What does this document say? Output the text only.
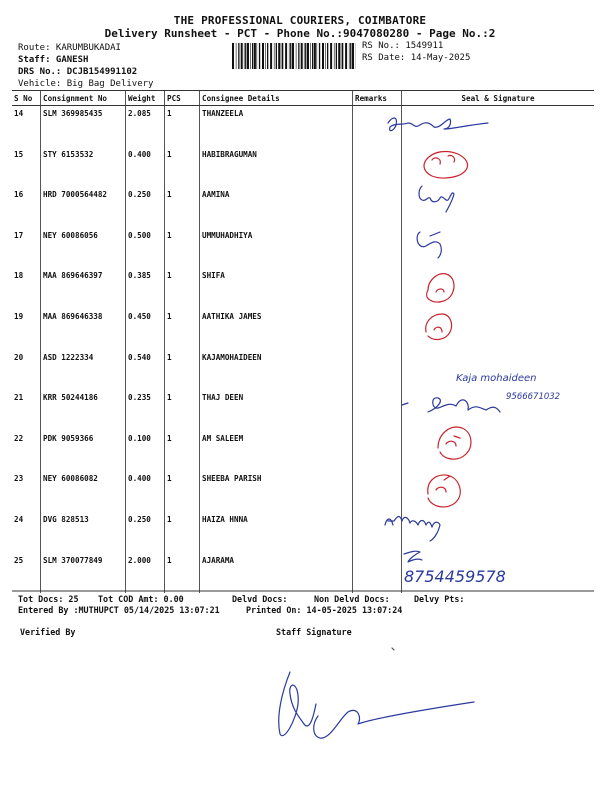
THE PROFESSIONAL COURIERS, COIMBATORE
Delivery Runsheet - PCT - Phone No.:9047080280 - Page No.:2
Route: KARUMBUKADAI
Staff: GANESH
DRS No.: DCJB154991102
Vehicle: Big Bag Delivery
RS No.: 1549911
RS Date: 14-May-2025
S No	Consignment No	Weight	PCS	Consignee Details	Remarks	Seal & Signature
14	SLM 369985435	2.085	1	THANZEELA		
15	STY 6153532	0.400	1	HABIBRAGUMAN		
16	HRD 7000564482	0.250	1	AAMINA		
17	NEY 60086056	0.500	1	UMMUHADHIYA		
18	MAA 869646397	0.385	1	SHIFA		
19	MAA 869646338	0.450	1	AATHIKA JAMES		
20	ASD 1222334	0.540	1	KAJAMOHAIDEEN		
21	KRR 50244186	0.235	1	THAJ DEEN		
22	PDK 9059366	0.100	1	AM SALEEM		
23	NEY 60086082	0.400	1	SHEEBA PARISH		
24	DVG 828513	0.250	1	HAIZA HNNA		
25	SLM 370077849	2.000	1	AJARAMA		
Kaja mohaideen
9566671032
8754459578
Tot Docs: 25 Tot COD Amt: 0.00	Delvd Docs:	Non Delvd Docs:	Delvy Pts:
Entered By :MUTHUPCT 05/14/2025 13:07:21	Printed On: 14-05-2025 13:07:24
Verified By	Staff Signature
